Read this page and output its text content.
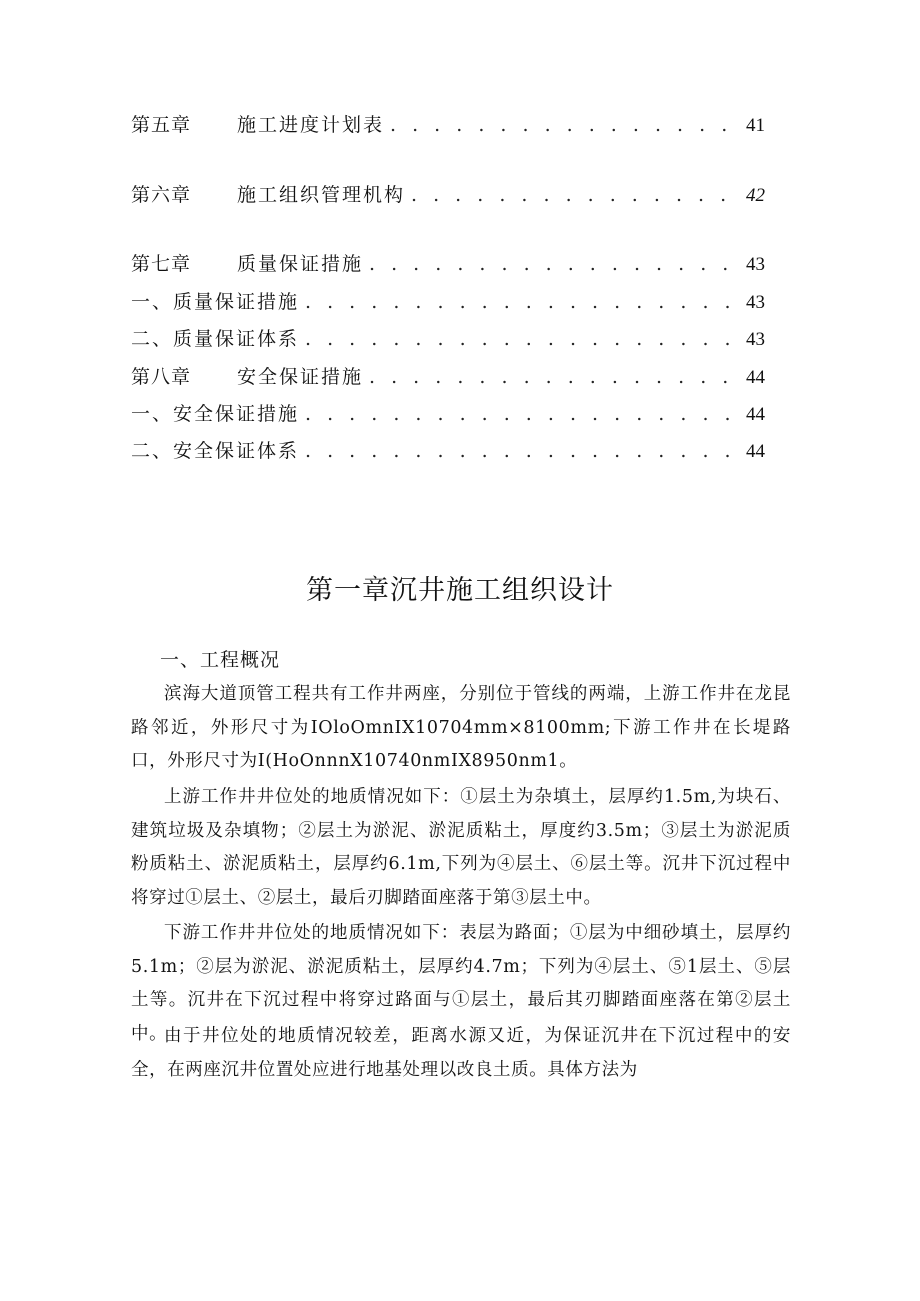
第五章	施工进度计划表 . . .	41
第六章	施工组织管理机构 . . .	42
第七章	质量保证措施 . . .	43
一、质量保证措施 . . .	43
二、质量保证体系 . . .	43
第八章	安全保证措施 . . .	44
一、安全保证措施 . . .	44
二、安全保证体系 . . .	44
第一章沉井施工组织设计
一、工程概况
滨海大道顶管工程共有工作井两座，分别位于管线的两端，上游工作井在龙昆路邻近，外形尺寸为IOloOmnIX10704mm×8100mm;下游工作井在长堤路口，外形尺寸为I(HoOnnnX10740nmIX8950nm1。
上游工作井井位处的地质情况如下：①层土为杂填土，层厚约1.5m,为块石、建筑垃圾及杂填物；②层土为淤泥、淤泥质粘土，厚度约3.5m；③层土为淤泥质粉质粘土、淤泥质粘土，层厚约6.1m,下列为④层土、⑥层土等。沉井下沉过程中将穿过①层土、②层土，最后刃脚踏面座落于第③层土中。
下游工作井井位处的地质情况如下：表层为路面；①层为中细砂填土，层厚约5.1m；②层为淤泥、淤泥质粘土，层厚约4.7m；下列为④层土、⑤1层土、⑤层土等。沉井在下沉过程中将穿过路面与①层土，最后其刃脚踏面座落在第②层土中。
由于井位处的地质情况较差，距离水源又近，为保证沉井在下沉过程中的安全，在两座沉井位置处应进行地基处理以改良土质。具体方法为
